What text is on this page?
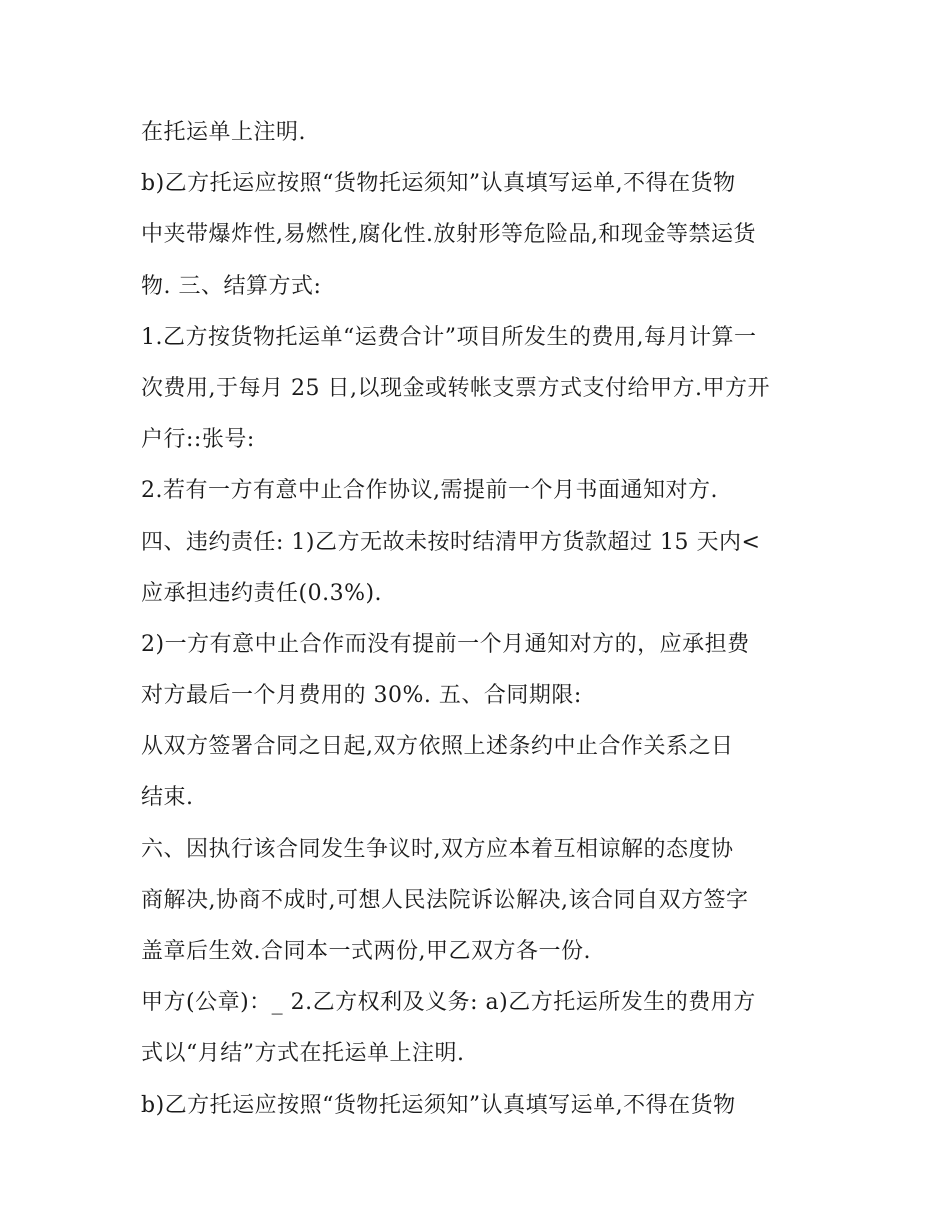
在托运单上注明.
b)乙方托运应按照“货物托运须知”认真填写运单,不得在货物
中夹带爆炸性,易燃性,腐化性.放射形等危险品,和现金等禁运货
物. 三、结算方式:
1.乙方按货物托运单“运费合计”项目所发生的费用,每月计算一
次费用,于每月 25 日,以现金或转帐支票方式支付给甲方.甲方开
户行::张号:
2.若有一方有意中止合作协议,需提前一个月书面通知对方.
四、违约责任: 1)乙方无故未按时结清甲方货款超过 15 天内<
应承担违约责任(0.3%).
2)一方有意中止合作而没有提前一个月通知对方的，应承担费
对方最后一个月费用的 30%. 五、合同期限:
从双方签署合同之日起,双方依照上述条约中止合作关系之日
结束.
六、因执行该合同发生争议时,双方应本着互相谅解的态度协
商解决,协商不成时,可想人民法院诉讼解决,该合同自双方签字
盖章后生效.合同本一式两份,甲乙双方各一份.
甲方(公章)：_ 2.乙方权利及义务: a)乙方托运所发生的费用方
式以“月结”方式在托运单上注明.
b)乙方托运应按照“货物托运须知”认真填写运单,不得在货物
